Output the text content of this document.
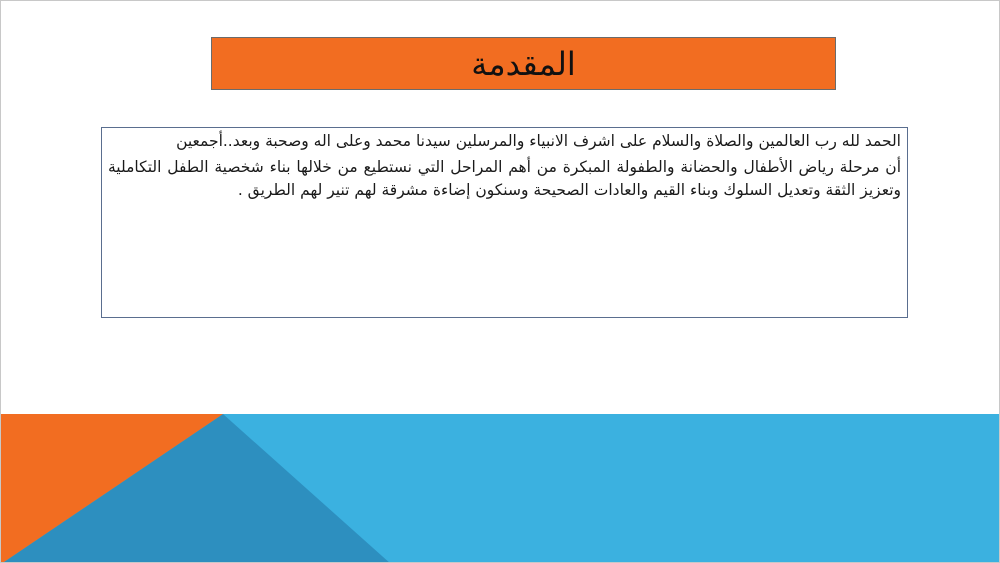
المقدمة

الحمد لله رب العالمين والصلاة والسلام على اشرف الانبياء والمرسلين سيدنا محمد وعلى اله وصحبة وبعد..أجمعين

أن مرحلة رياض الأطفال والحضانة والطفولة المبكرة من أهم المراحل التي نستطيع من خلالها بناء شخصية الطفل التكاملية وتعزيز الثقة وتعديل السلوك وبناء القيم والعادات الصحيحة وسنكون إضاءة مشرقة لهم تنير لهم الطريق .
